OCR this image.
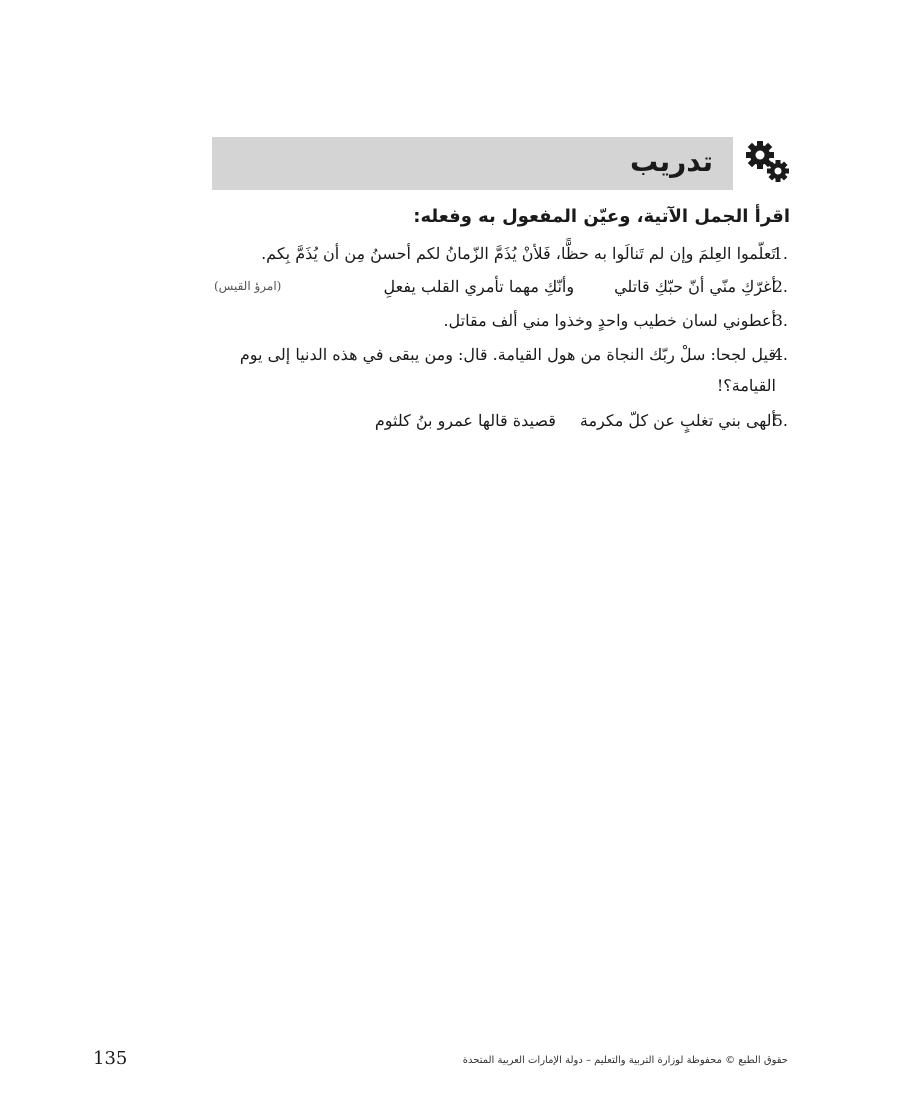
تدريب
اقرأ الجمل الآتية، وعيّن المفعول به وفعله:
1.
تَعلّموا العِلمَ وإن لم تَنالَوا به حظًّا، فَلأنْ يُذَمَّ الزّمانُ لكم أحسنُ مِن أن يُذَمَّ بِكم.
2.
أغرّكِ منّي أنّ حبّكِ قاتليوأنّكِ مهما تأمري القلب يفعلِ
(امرؤ القيس)
3.
أعطوني لسان خطيب واحدٍ وخذوا مني ألف مقاتل.
4.
قيل لجحا: سلْ ربّك النجاة من هول القيامة. قال: ومن يبقى في هذه الدنيا إلى يوم
القيامة؟!
5.
ألهى بني تغلبٍ عن كلّ مكرمةقصيدة قالها عمرو بنُ كلثوم
حقوق الطبع © محفوظة لوزارة التربية والتعليم – دولة الإمارات العربية المتحدة
135
